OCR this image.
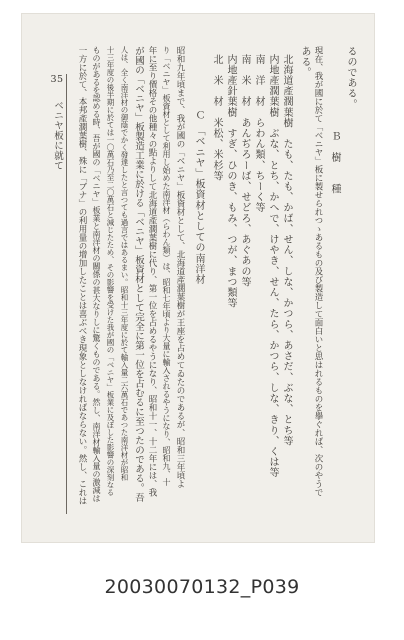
35 ベニヤ板に就て
るのである。
　　　　　　　　Ｂ　樹　　種
現在、我が國に於て「ベニヤ」板に製せられつゝあるもの及び製造して面白いと思はれるものを擧ぐれば、次のやうで
ある。
北海道產濶葉樹　たも、たも、かば、せん、しな、かつら、あさだ、ぶな、とち等
内地產濶葉樹　ぶな、とち、かへで、けやき、せん、たら、かつら、しな、きり、くは等
南　洋　材　らわん類、ちーく等
南　米　材　あんぢろーば、せどろ、あぐあの等
内地產針葉樹　すぎ、ひのき、もみ、つが、まつ類等
北　米　材　米松、米杉等
　　　　　　Ｃ　「ベニヤ」板資材としての南洋材
昭和九年頃まで、我が國の「ベニヤ」板資材として、北海道產濶葉樹が王座を占めてゐたのであるが、昭和三年頃よ
り「ベニヤ」板資材として利用し始めた南洋材（らわん類）は、昭和七年頃より大量に輸入されるやうになり、昭和九、十
年に至り價格その他種々の點よりして北海道產濶葉樹に代り、第一位を占めるやうになり、昭和十一、十二年には、我
が國の「ベニヤ」板製造工業に於ける「ベニヤ」板資材として完全に第一位を占むるに至つたのである。吾
人は、全く南洋材の御蔭でかく發達したと言つても過言ではあるまい。昭和十三年度に於て輸入量二六萬石であつた南洋材が昭和
十三年度の後半期に於ては一〇萬石乃至二〇萬石と減じたため、その影響を受けた我が國の「ベニヤ」板業に及ぼした影響の深刻なる
ものがあるを認める時、吾が國の「ベニヤ」板業と南洋材の關係の甚大なりしに驚くものである。然し、南洋材輸入量の激減は
一方に於て、本邦產濶葉樹、殊に「ブナ」の利用量の增加したことは喜ぶべき現象としなければならない。然し、これは
20030070132_P039
